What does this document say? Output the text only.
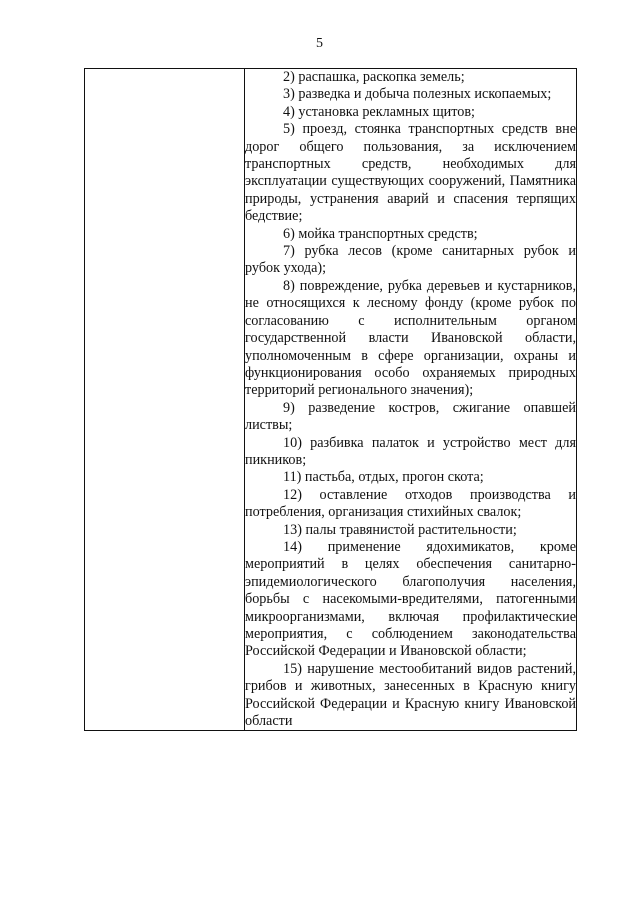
5

2) распашка, раскопка земель;

3) разведка и добыча полезных ископаемых;

4) установка рекламных щитов;

5) проезд, стоянка транспортных средств вне дорог общего пользования, за исключением транспортных средств, необходимых для эксплуатации существующих сооружений, Памятника природы, устранения аварий и спасения терпящих бедствие;

6) мойка транспортных средств;

7) рубка лесов (кроме санитарных рубок и рубок ухода);

8) повреждение, рубка деревьев и кустарников, не относящихся к лесному фонду (кроме рубок по согласованию с исполнительным органом государственной власти Ивановской области, уполномоченным в сфере организации, охраны и функционирования особо охраняемых природных территорий регионального значения);

9) разведение костров, сжигание опавшей листвы;

10) разбивка палаток и устройство мест для пикников;

11) пастьба, отдых, прогон скота;

12) оставление отходов производства и потребления, организация стихийных свалок;

13) палы травянистой растительности;

14) применение ядохимикатов, кроме мероприятий в целях обеспечения санитарно-эпидемиологического благополучия населения, борьбы с насекомыми-вредителями, патогенными микроорганизмами, включая профилактические мероприятия, с соблюдением законодательства Российской Федерации и Ивановской области;

15) нарушение местообитаний видов растений, грибов и животных, занесенных в Красную книгу Российской Федерации и Красную книгу Ивановской области
